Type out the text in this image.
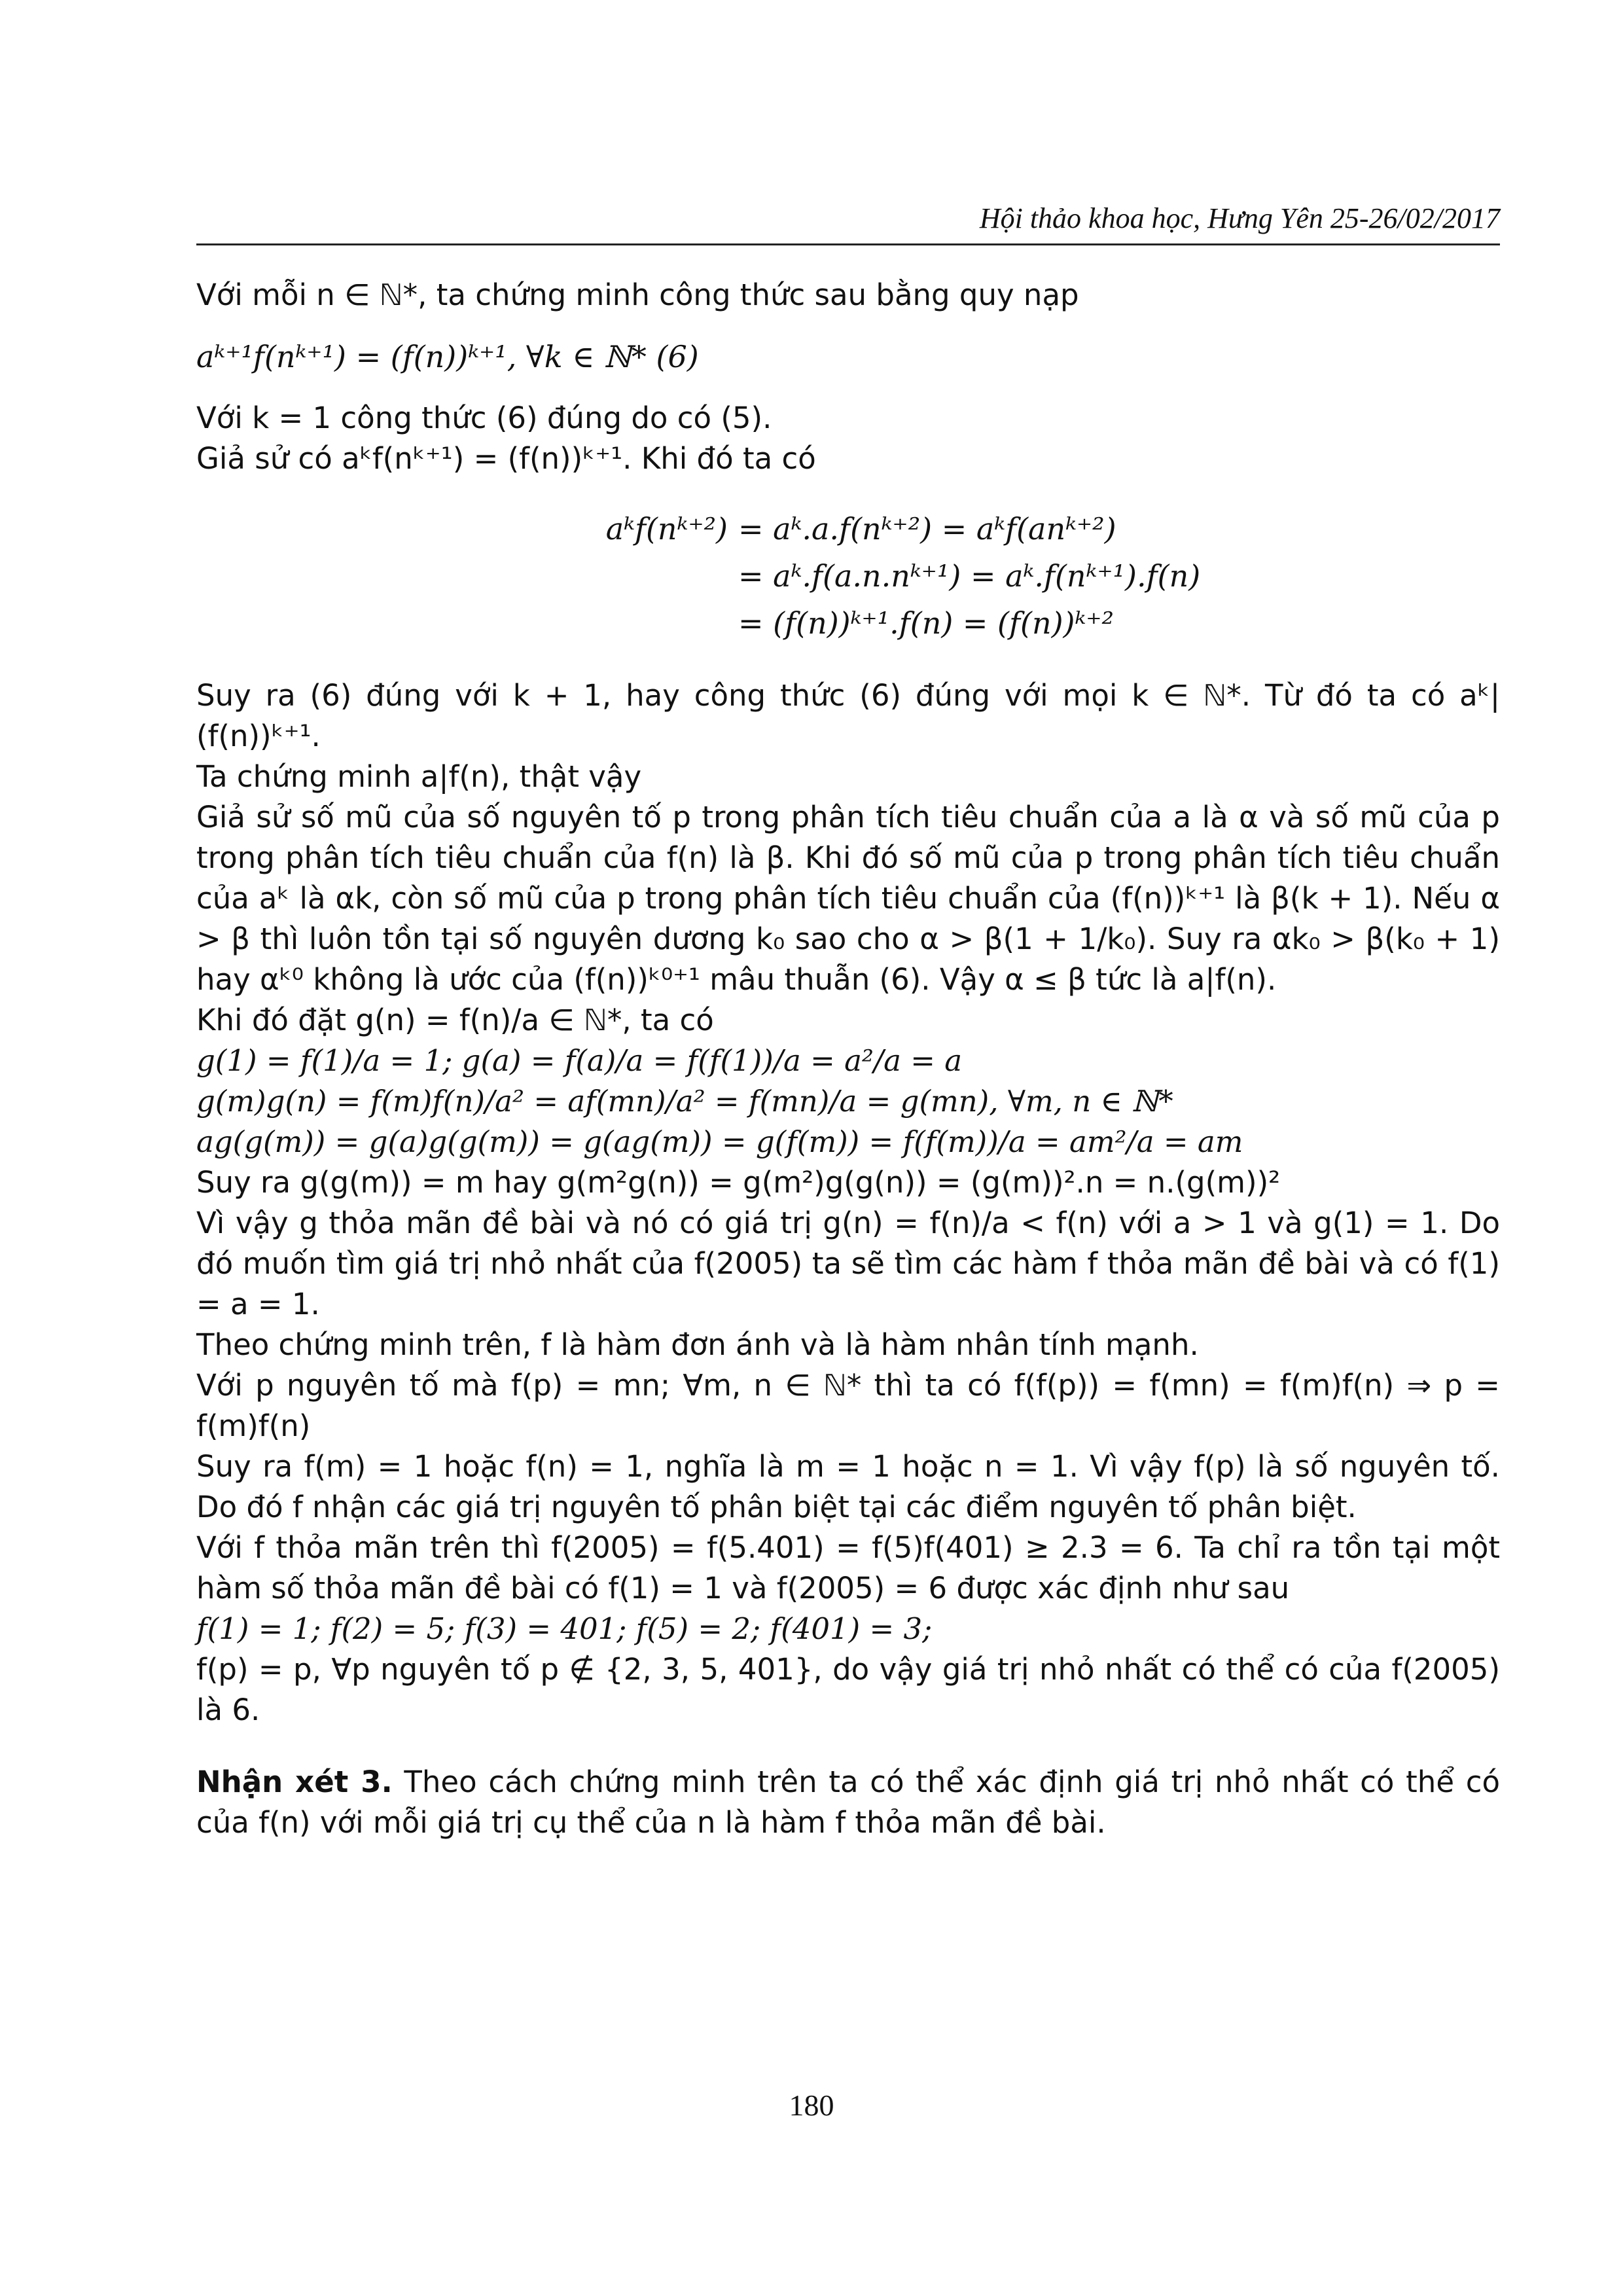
Hội thảo khoa học, Hưng Yên 25-26/02/2017

Với mỗi n ∈ ℕ*, ta chứng minh công thức sau bằng quy nạp

aᵏ⁺¹f(nᵏ⁺¹) = (f(n))ᵏ⁺¹, ∀k ∈ ℕ* (6)

Với k = 1 công thức (6) đúng do có (5).

Giả sử có aᵏf(nᵏ⁺¹) = (f(n))ᵏ⁺¹. Khi đó ta có

aᵏf(nᵏ⁺²) = aᵏ.a.f(nᵏ⁺²) = aᵏf(anᵏ⁺²)
= aᵏ.f(a.n.nᵏ⁺¹) = aᵏ.f(nᵏ⁺¹).f(n)
= (f(n))ᵏ⁺¹.f(n) = (f(n))ᵏ⁺²

Suy ra (6) đúng với k + 1, hay công thức (6) đúng với mọi k ∈ ℕ*. Từ đó ta có aᵏ|(f(n))ᵏ⁺¹.

Ta chứng minh a|f(n), thật vậy

Giả sử số mũ của số nguyên tố p trong phân tích tiêu chuẩn của a là α và số mũ của p trong phân tích tiêu chuẩn của f(n) là β. Khi đó số mũ của p trong phân tích tiêu chuẩn của aᵏ là αk, còn số mũ của p trong phân tích tiêu chuẩn của (f(n))ᵏ⁺¹ là β(k + 1). Nếu α > β thì luôn tồn tại số nguyên dương k₀ sao cho α > β(1 + 1/k₀). Suy ra αk₀ > β(k₀ + 1) hay αᵏ⁰ không là ước của (f(n))ᵏ⁰⁺¹ mâu thuẫn (6). Vậy α ≤ β tức là a|f(n).

Khi đó đặt g(n) = f(n)/a ∈ ℕ*, ta có

g(1) = f(1)/a = 1; g(a) = f(a)/a = f(f(1))/a = a²/a = a

g(m)g(n) = f(m)f(n)/a² = af(mn)/a² = f(mn)/a = g(mn), ∀m, n ∈ ℕ*

ag(g(m)) = g(a)g(g(m)) = g(ag(m)) = g(f(m)) = f(f(m))/a = am²/a = am

Suy ra g(g(m)) = m hay g(m²g(n)) = g(m²)g(g(n)) = (g(m))².n = n.(g(m))²

Vì vậy g thỏa mãn đề bài và nó có giá trị g(n) = f(n)/a < f(n) với a > 1 và g(1) = 1. Do đó muốn tìm giá trị nhỏ nhất của f(2005) ta sẽ tìm các hàm f thỏa mãn đề bài và có f(1) = a = 1.

Theo chứng minh trên, f là hàm đơn ánh và là hàm nhân tính mạnh.

Với p nguyên tố mà f(p) = mn; ∀m, n ∈ ℕ* thì ta có f(f(p)) = f(mn) = f(m)f(n) ⇒ p = f(m)f(n)

Suy ra f(m) = 1 hoặc f(n) = 1, nghĩa là m = 1 hoặc n = 1. Vì vậy f(p) là số nguyên tố. Do đó f nhận các giá trị nguyên tố phân biệt tại các điểm nguyên tố phân biệt.

Với f thỏa mãn trên thì f(2005) = f(5.401) = f(5)f(401) ≥ 2.3 = 6. Ta chỉ ra tồn tại một hàm số thỏa mãn đề bài có f(1) = 1 và f(2005) = 6 được xác định như sau

f(1) = 1; f(2) = 5; f(3) = 401; f(5) = 2; f(401) = 3;

f(p) = p, ∀p nguyên tố p ∉ {2, 3, 5, 401}, do vậy giá trị nhỏ nhất có thể có của f(2005) là 6.

Nhận xét 3. Theo cách chứng minh trên ta có thể xác định giá trị nhỏ nhất có thể có của f(n) với mỗi giá trị cụ thể của n là hàm f thỏa mãn đề bài.

180
